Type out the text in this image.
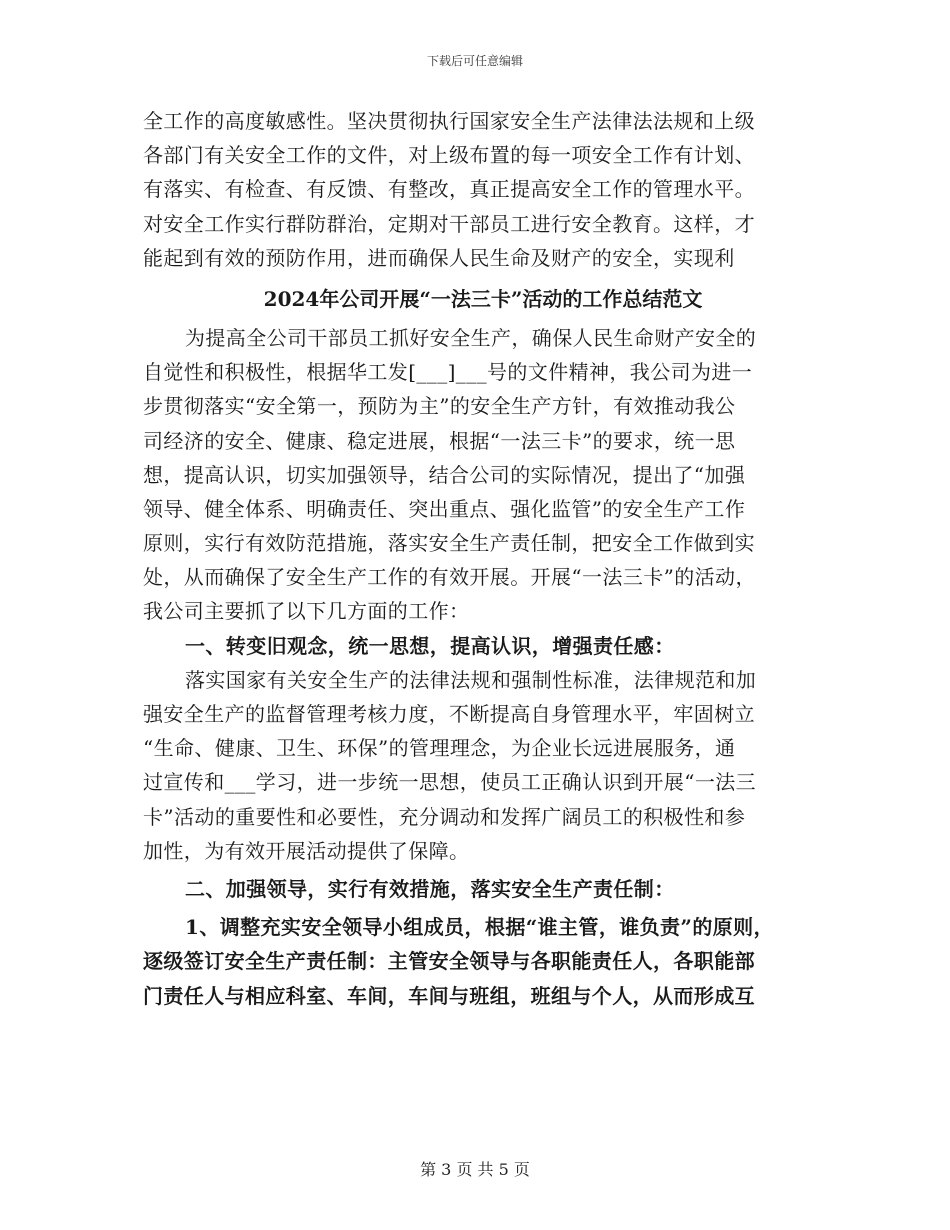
下载后可任意编辑
全工作的高度敏感性。坚决贯彻执行国家安全生产法律法法规和上级
各部门有关安全工作的文件，对上级布置的每一项安全工作有计划、
有落实、有检查、有反馈、有整改，真正提高安全工作的管理水平。
对安全工作实行群防群治，定期对干部员工进行安全教育。这样，才
能起到有效的预防作用，进而确保人民生命及财产的安全，实现利
2024年公司开展“一法三卡”活动的工作总结范文
为提高全公司干部员工抓好安全生产，确保人民生命财产安全的
自觉性和积极性，根据华工发[___]___号的文件精神，我公司为进一
步贯彻落实“安全第一，预防为主”的安全生产方针，有效推动我公
司经济的安全、健康、稳定进展，根据“一法三卡”的要求，统一思
想，提高认识，切实加强领导，结合公司的实际情况，提出了“加强
领导、健全体系、明确责任、突出重点、强化监管”的安全生产工作
原则，实行有效防范措施，落实安全生产责任制，把安全工作做到实
处，从而确保了安全生产工作的有效开展。开展“一法三卡”的活动，
我公司主要抓了以下几方面的工作：
一、转变旧观念，统一思想，提高认识，增强责任感：
落实国家有关安全生产的法律法规和强制性标准，法律规范和加
强安全生产的监督管理考核力度，不断提高自身管理水平，牢固树立
“生命、健康、卫生、环保”的管理理念，为企业长远进展服务，通
过宣传和___学习，进一步统一思想，使员工正确认识到开展“一法三
卡”活动的重要性和必要性，充分调动和发挥广阔员工的积极性和参
加性，为有效开展活动提供了保障。
二、加强领导，实行有效措施，落实安全生产责任制：
1、调整充实安全领导小组成员，根据“谁主管，谁负责”的原则，
逐级签订安全生产责任制：主管安全领导与各职能责任人，各职能部
门责任人与相应科室、车间，车间与班组，班组与个人，从而形成互
第 3 页 共 5 页
